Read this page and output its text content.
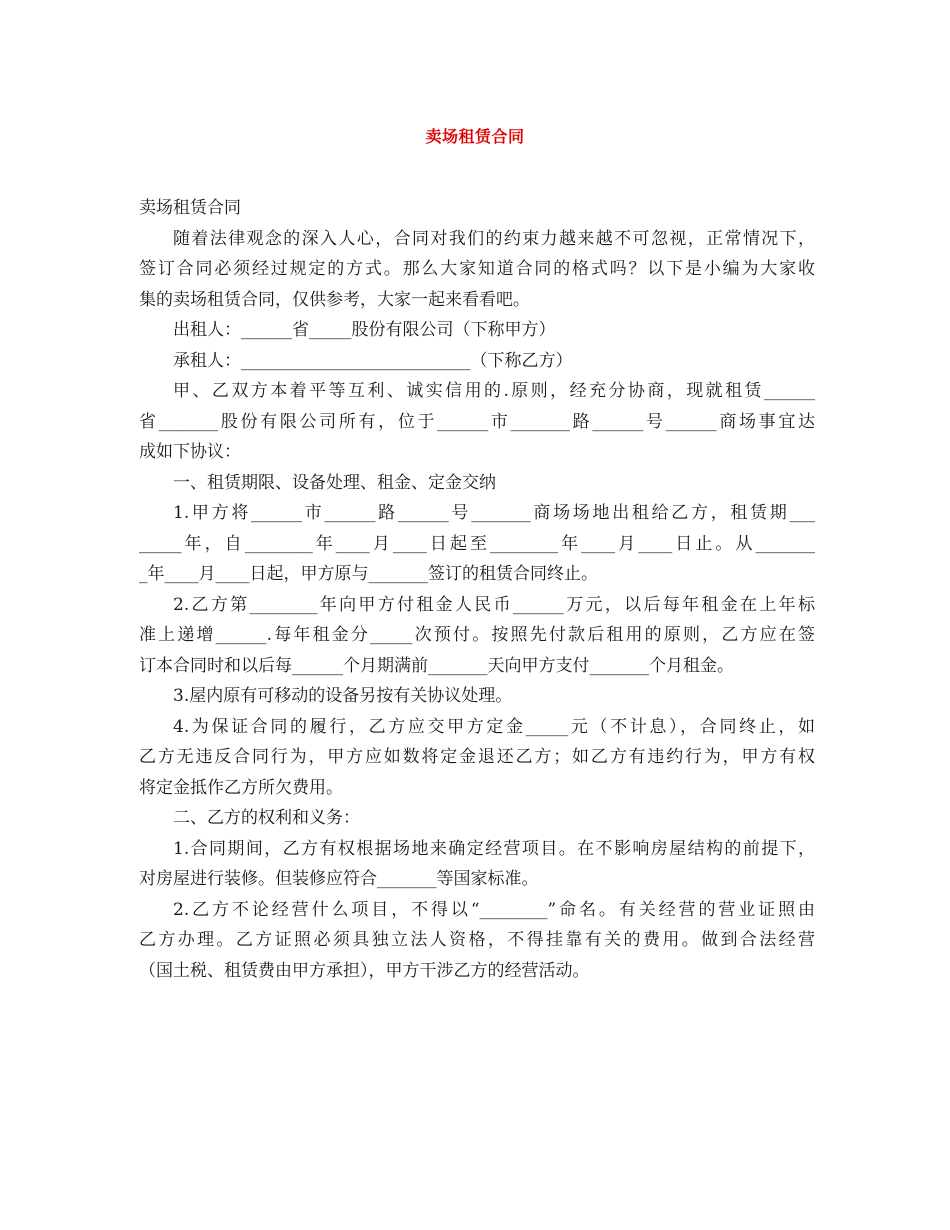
卖场租赁合同
卖场租赁合同
随着法律观念的深入人心，合同对我们的约束力越来越不可忽视，正常情况下，
签订合同必须经过规定的方式。那么大家知道合同的格式吗？以下是小编为大家收
集的卖场租赁合同，仅供参考，大家一起来看看吧。
出租人：______省_____股份有限公司（下称甲方）
承租人：___________________________（下称乙方）
甲、乙双方本着平等互利、诚实信用的.原则，经充分协商，现就租赁______
省_______股份有限公司所有，位于______市_______路______号______商场事宜达
成如下协议：
一、租赁期限、设备处理、租金、定金交纳
1.甲方将______市______路______号_______商场场地出租给乙方，租赁期___
_____年，自________年____月____日起至________年____月____日止。从_______
_年____月____日起，甲方原与_______签订的租赁合同终止。
2.乙方第________年向甲方付租金人民币______万元，以后每年租金在上年标
准上递增______.每年租金分_____次预付。按照先付款后租用的原则，乙方应在签
订本合同时和以后每______个月期满前_______天向甲方支付_______个月租金。
3.屋内原有可移动的设备另按有关协议处理。
4.为保证合同的履行，乙方应交甲方定金_____元（不计息），合同终止，如
乙方无违反合同行为，甲方应如数将定金退还乙方；如乙方有违约行为，甲方有权
将定金抵作乙方所欠费用。
二、乙方的权利和义务：
1.合同期间，乙方有权根据场地来确定经营项目。在不影响房屋结构的前提下，
对房屋进行装修。但装修应符合_______等国家标准。
2.乙方不论经营什么项目，不得以“________”命名。有关经营的营业证照由
乙方办理。乙方证照必须具独立法人资格，不得挂靠有关的费用。做到合法经营
（国土税、租赁费由甲方承担），甲方干涉乙方的经营活动。
